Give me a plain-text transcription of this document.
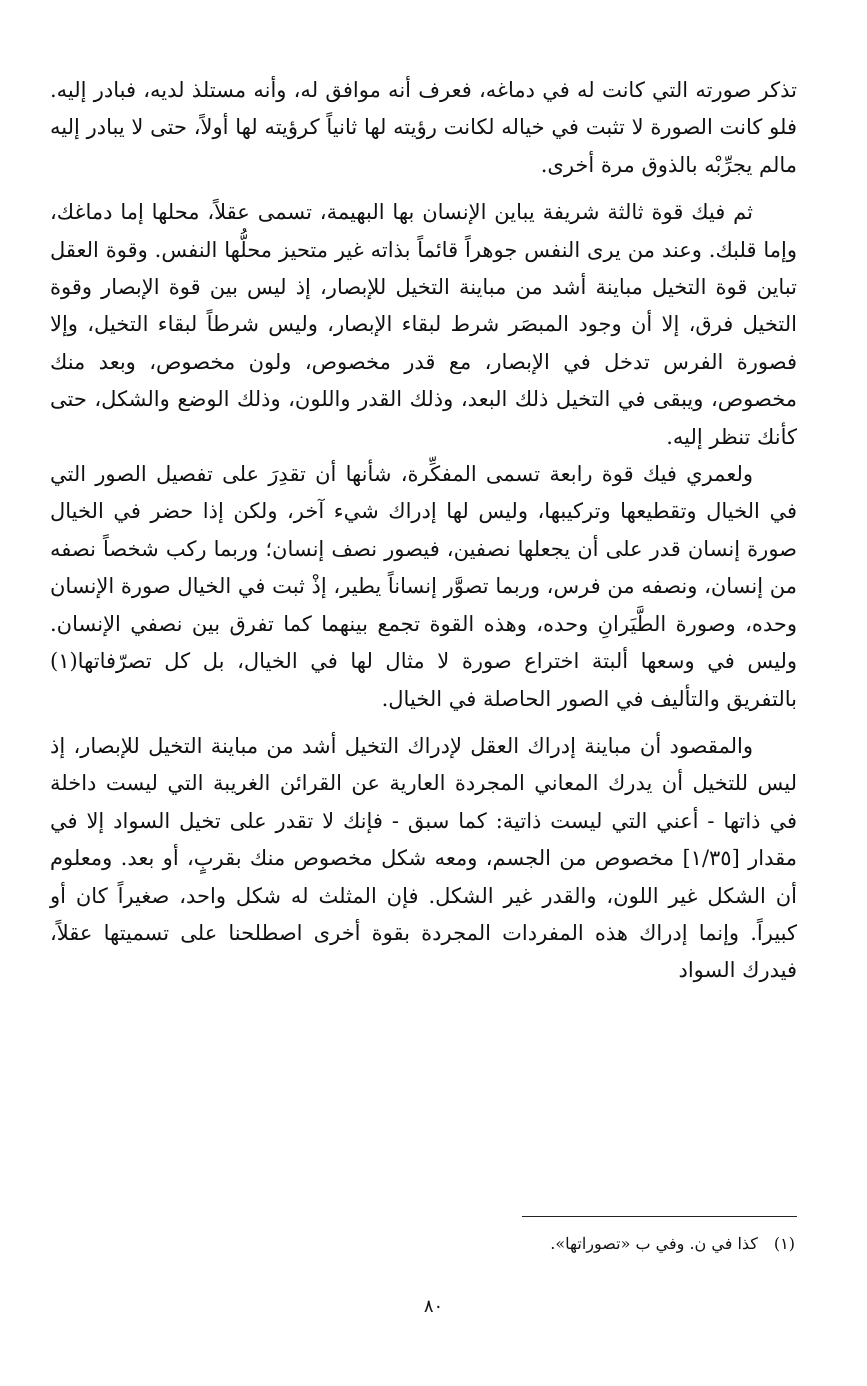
تذكر صورته التي كانت له في دماغه، فعرف أنه موافق له، وأنه مستلذ لديه، فبادر إليه. فلو كانت الصورة لا تثبت في خياله لكانت رؤيته لها ثانياً كرؤيته لها أولاً، حتى لا يبادر إليه مالم يجرِّبْه بالذوق مرة أخرى.

ثم فيك قوة ثالثة شريفة يباين الإنسان بها البهيمة، تسمى عقلاً، محلها إما دماغك، وإما قلبك. وعند من يرى النفس جوهراً قائماً بذاته غير متحيز محلُّها النفس. وقوة العقل تباين قوة التخيل مباينة أشد من مباينة التخيل للإبصار، إذ ليس بين قوة الإبصار وقوة التخيل فرق، إلا أن وجود المبصَر شرط لبقاء الإبصار، وليس شرطاً لبقاء التخيل، وإلا فصورة الفرس تدخل في الإبصار، مع قدر مخصوص، ولون مخصوص، وبعد منك مخصوص، ويبقى في التخيل ذلك البعد، وذلك القدر واللون، وذلك الوضع والشكل، حتى كأنك تنظر إليه.

ولعمري فيك قوة رابعة تسمى المفكِّرة، شأنها أن تقدِرَ على تفصيل الصور التي في الخيال وتقطيعها وتركيبها، وليس لها إدراك شيء آخر، ولكن إذا حضر في الخيال صورة إنسان قدر على أن يجعلها نصفين، فيصور نصف إنسان؛ وربما ركب شخصاً نصفه من إنسان، ونصفه من فرس، وربما تصوَّر إنساناً يطير، إذْ ثبت في الخيال صورة الإنسان وحده، وصورة الطَّيَرانِ وحده، وهذه القوة تجمع بينهما كما تفرق بين نصفي الإنسان. وليس في وسعها ألبتة اختراع صورة لا مثال لها في الخيال، بل كل تصرّفاتها(١) بالتفريق والتأليف في الصور الحاصلة في الخيال.

والمقصود أن مباينة إدراك العقل لإدراك التخيل أشد من مباينة التخيل للإبصار، إذ ليس للتخيل أن يدرك المعاني المجردة العارية عن القرائن الغريبة التي ليست داخلة في ذاتها - أعني التي ليست ذاتية: كما سبق - فإنك لا تقدر على تخيل السواد إلا في مقدار [١/٣٥] مخصوص من الجسم، ومعه شكل مخصوص منك بقربٍ، أو بعد. ومعلوم أن الشكل غير اللون، والقدر غير الشكل. فإن المثلث له شكل واحد، صغيراً كان أو كبيراً. وإنما إدراك هذه المفردات المجردة بقوة أخرى اصطلحنا على تسميتها عقلاً، فيدرك السواد

(١)كذا في ن. وفي ب «تصوراتها».
٨٠
